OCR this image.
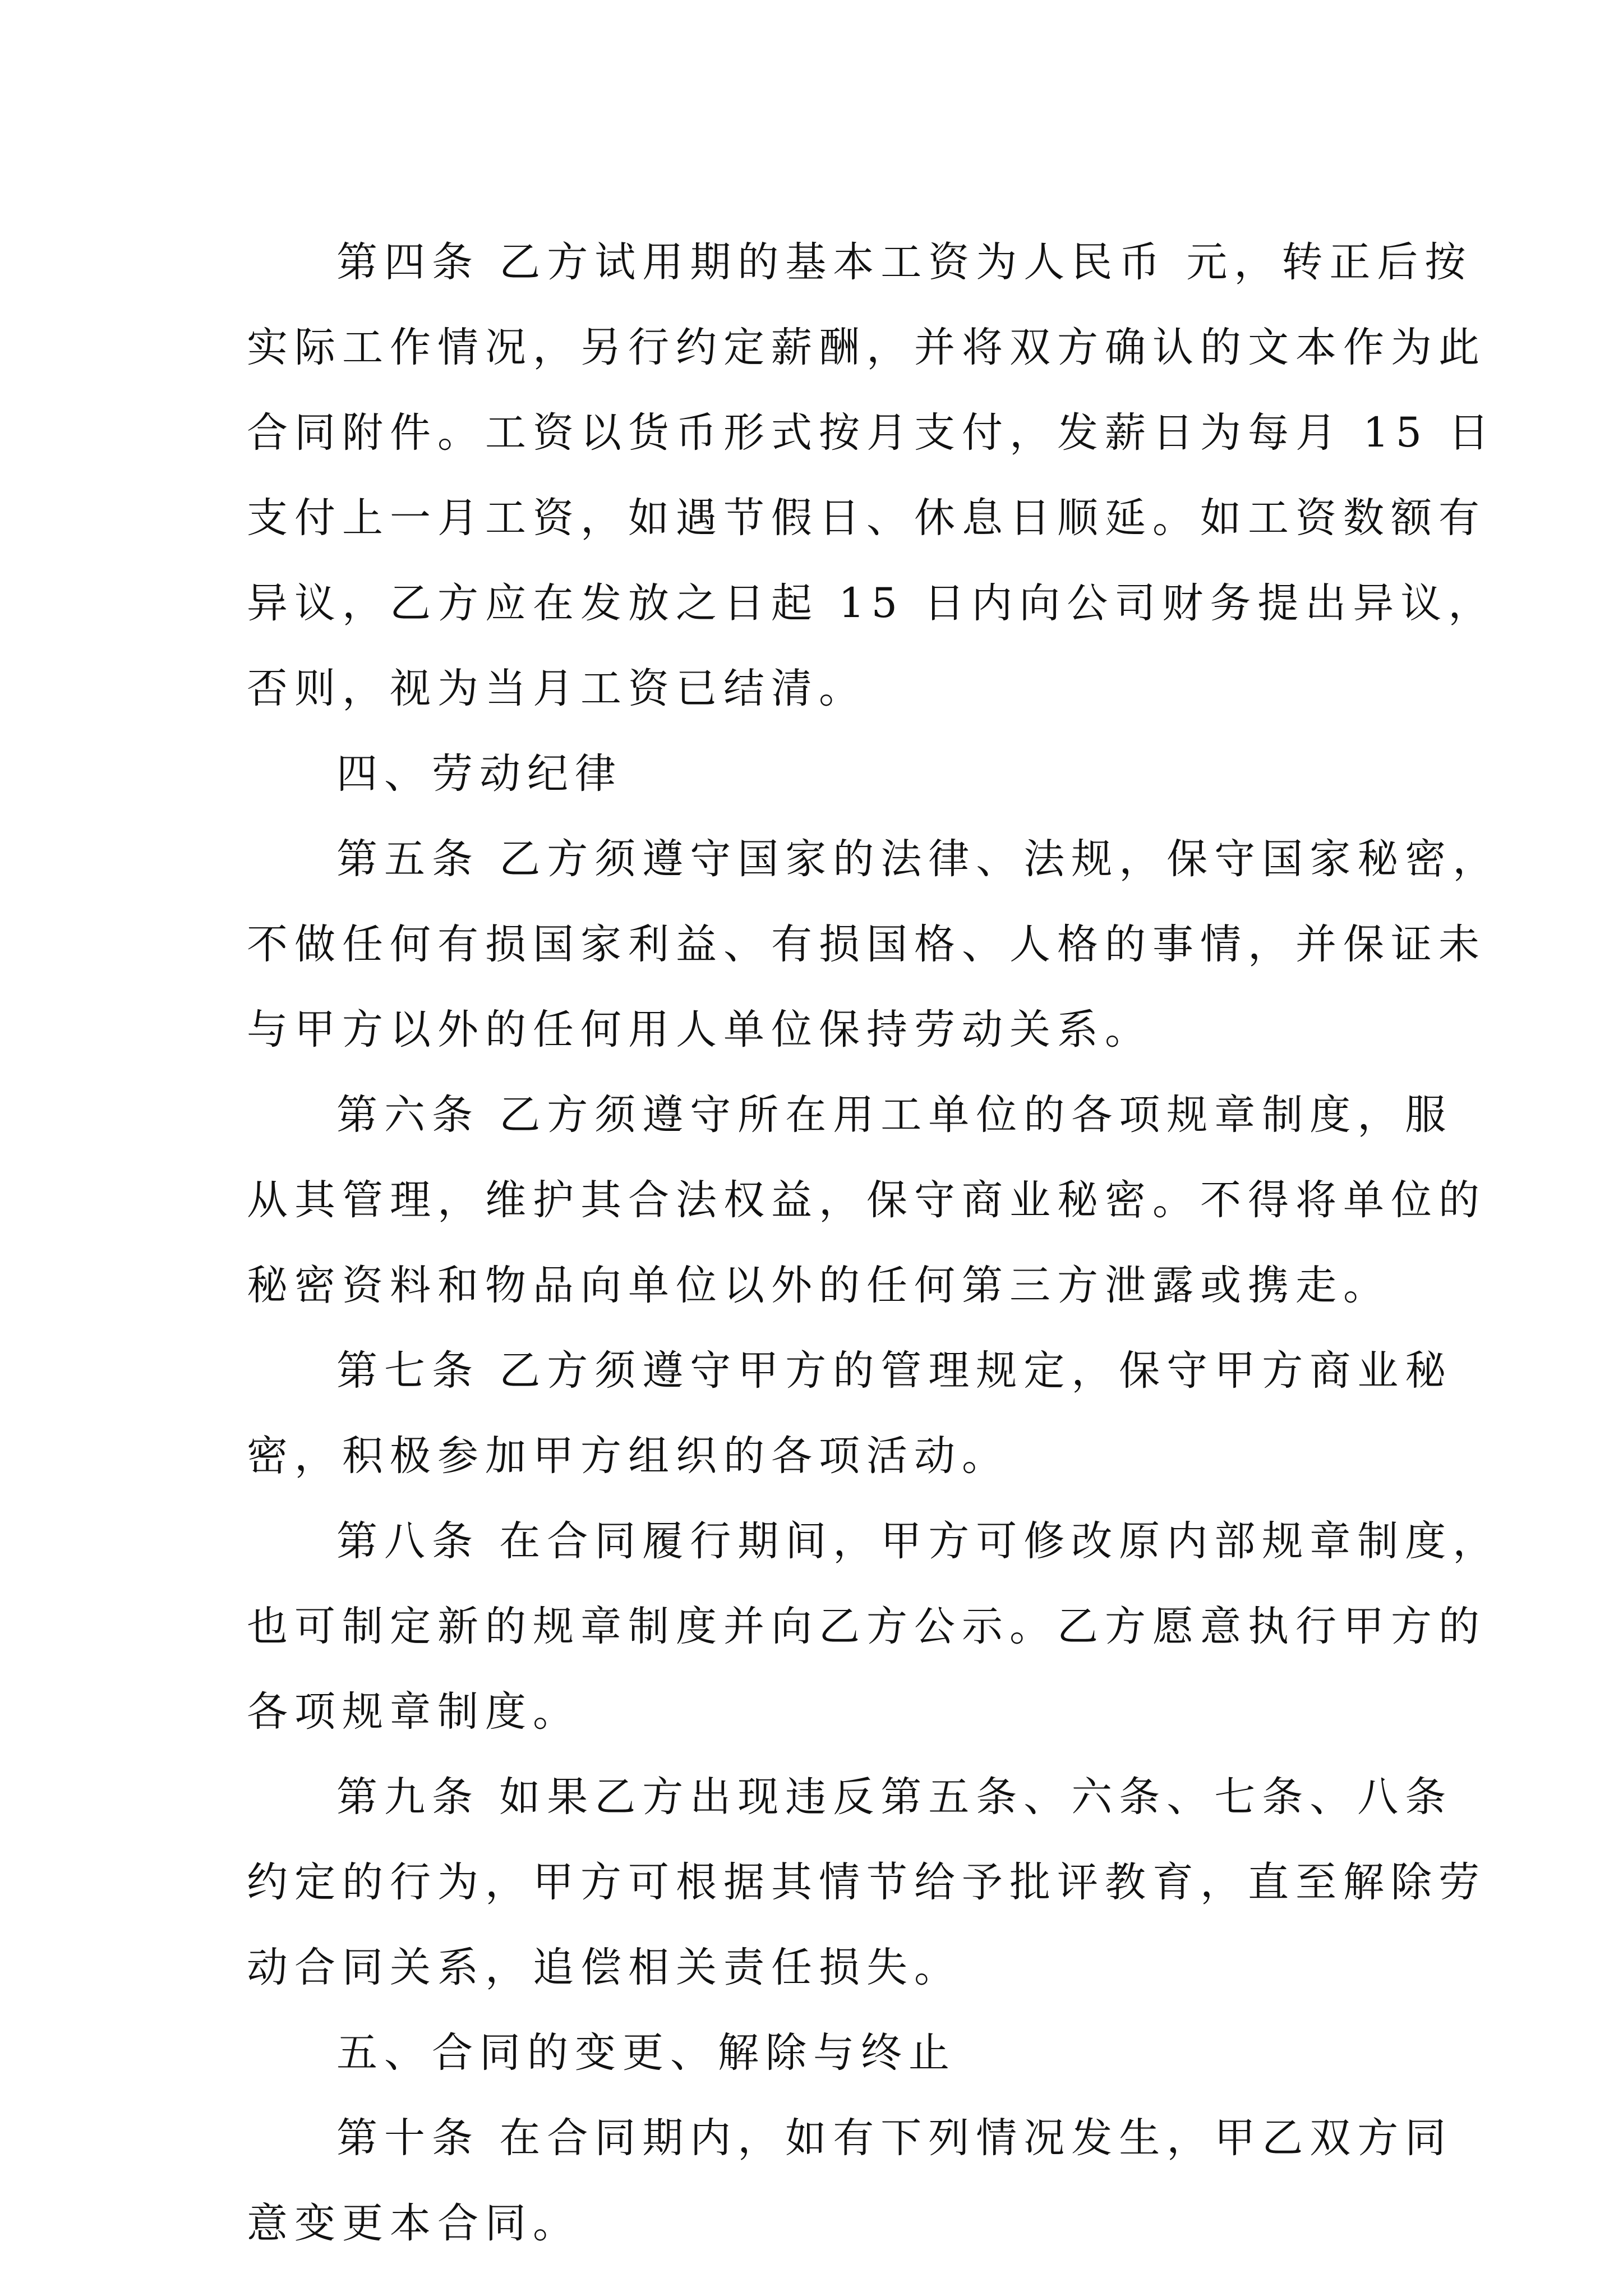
第四条 乙方试用期的基本工资为人民币 元，转正后按
实际工作情况，另行约定薪酬，并将双方确认的文本作为此
合同附件。工资以货币形式按月支付，发薪日为每月 15 日
支付上一月工资，如遇节假日、休息日顺延。如工资数额有
异议，乙方应在发放之日起 15 日内向公司财务提出异议，
否则，视为当月工资已结清。
四、劳动纪律
第五条 乙方须遵守国家的法律、法规，保守国家秘密，
不做任何有损国家利益、有损国格、人格的事情，并保证未
与甲方以外的任何用人单位保持劳动关系。
第六条 乙方须遵守所在用工单位的各项规章制度，服
从其管理，维护其合法权益，保守商业秘密。不得将单位的
秘密资料和物品向单位以外的任何第三方泄露或携走。
第七条 乙方须遵守甲方的管理规定，保守甲方商业秘
密，积极参加甲方组织的各项活动。
第八条 在合同履行期间，甲方可修改原内部规章制度，
也可制定新的规章制度并向乙方公示。乙方愿意执行甲方的
各项规章制度。
第九条 如果乙方出现违反第五条、六条、七条、八条
约定的行为，甲方可根据其情节给予批评教育，直至解除劳
动合同关系，追偿相关责任损失。
五、合同的变更、解除与终止
第十条 在合同期内，如有下列情况发生，甲乙双方同
意变更本合同。
